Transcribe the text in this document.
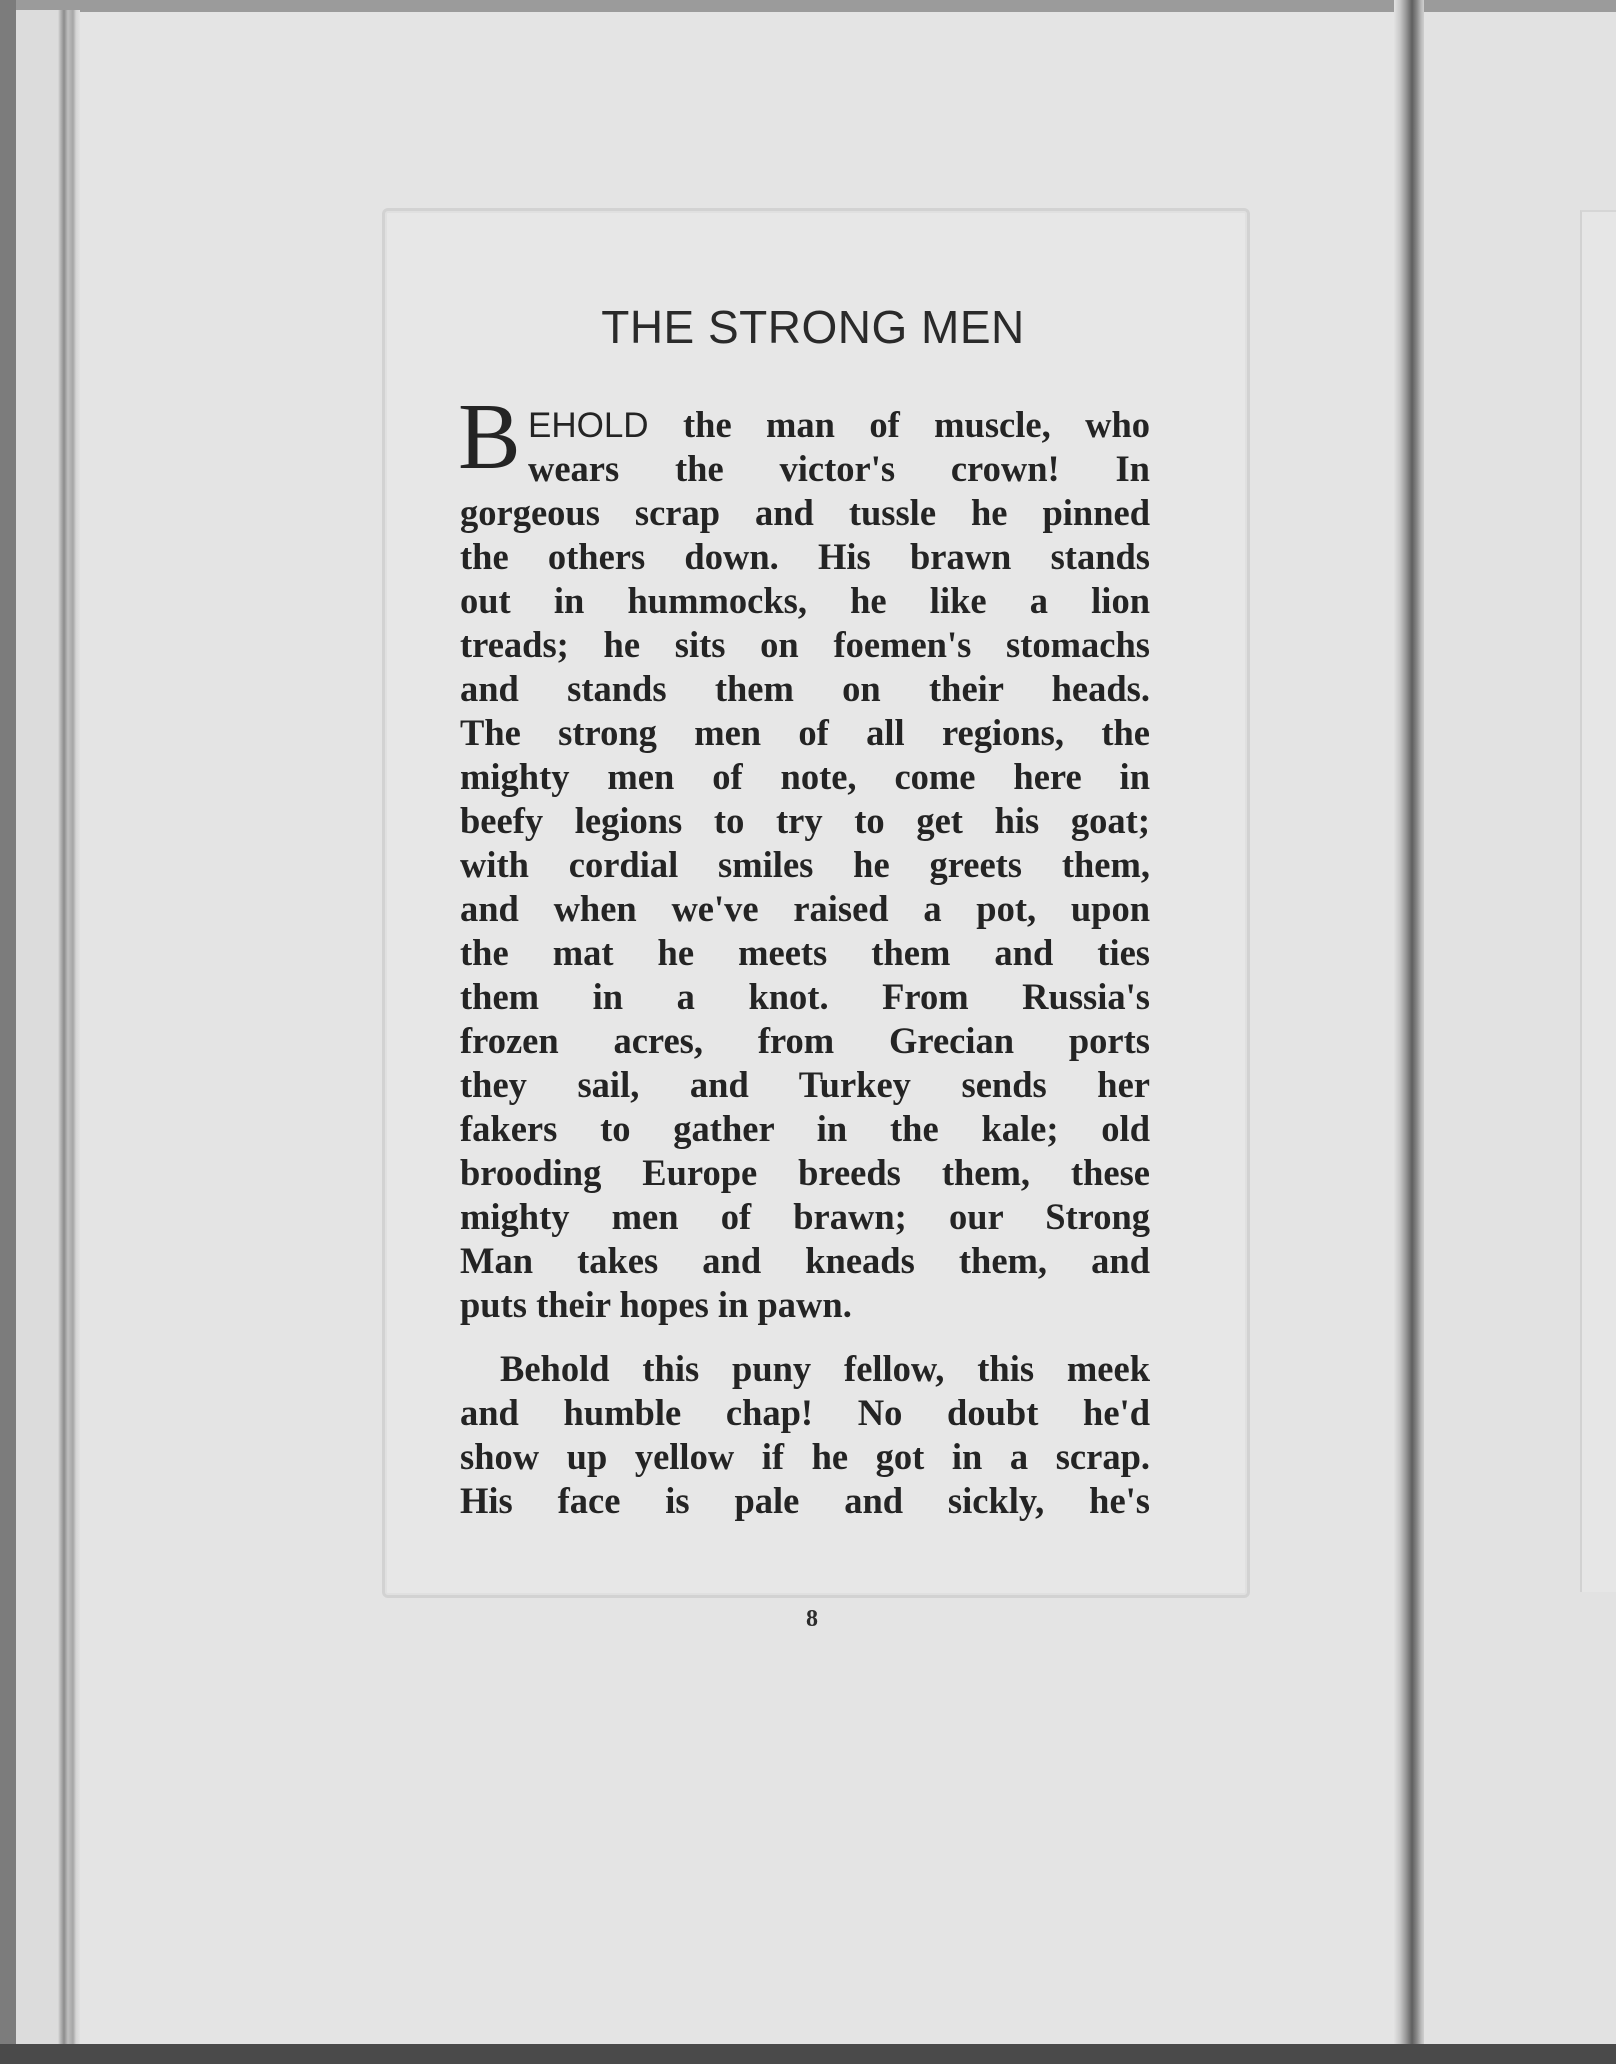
THE STRONG MEN
B EHOLD the man of muscle, who
wears the victor's crown! In
gorgeous scrap and tussle he pinned
the others down. His brawn stands
out in hummocks, he like a lion
treads; he sits on foemen's stomachs
and stands them on their heads.
The strong men of all regions, the
mighty men of note, come here in
beefy legions to try to get his goat;
with cordial smiles he greets them,
and when we've raised a pot, upon
the mat he meets them and ties
them in a knot. From Russia's
frozen acres, from Grecian ports
they sail, and Turkey sends her
fakers to gather in the kale; old
brooding Europe breeds them, these
mighty men of brawn; our Strong
Man takes and kneads them, and
puts their hopes in pawn.
Behold this puny fellow, this meek
and humble chap! No doubt he'd
show up yellow if he got in a scrap.
His face is pale and sickly, he's
8
